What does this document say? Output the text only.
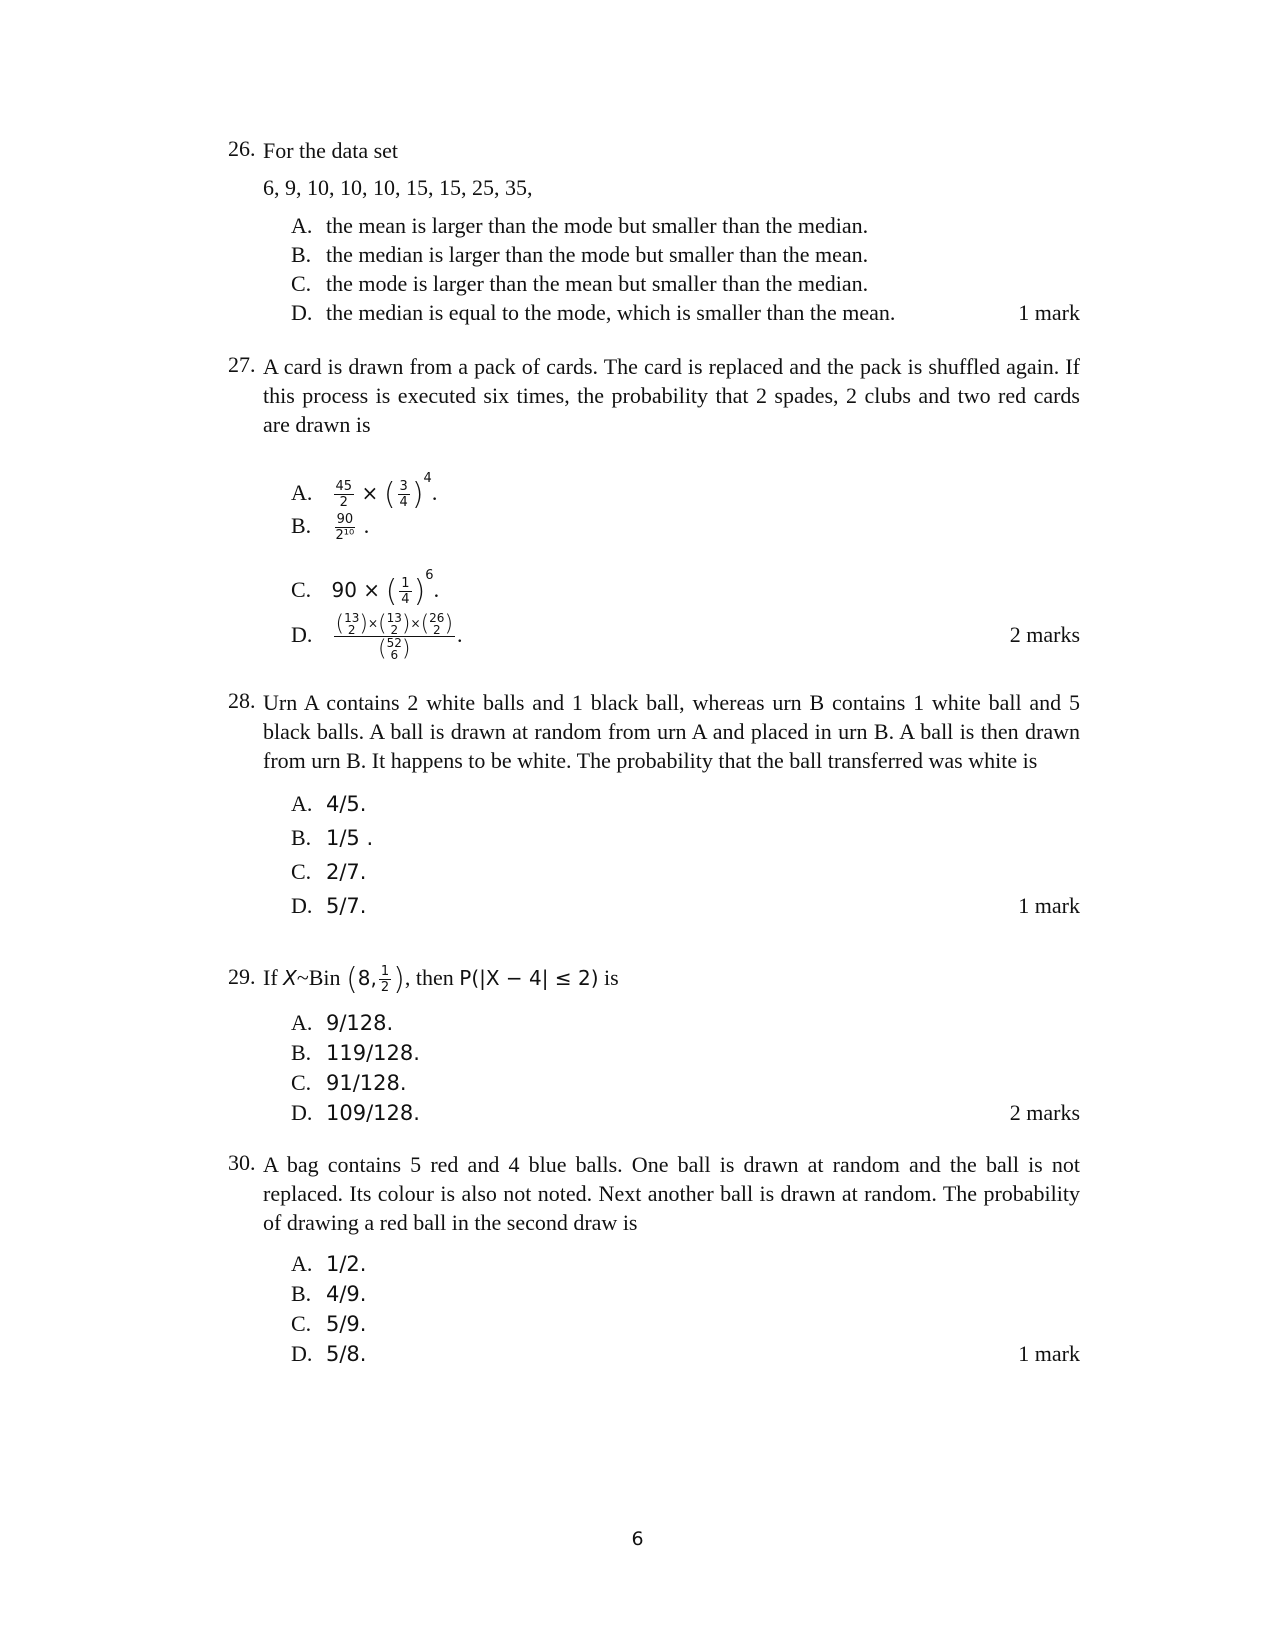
26. For the data set
6, 9, 10, 10, 10, 15, 15, 25, 35,
A. the mean is larger than the mode but smaller than the median.
B. the median is larger than the mode but smaller than the mean.
C. the mode is larger than the mean but smaller than the median.
D. the median is equal to the mode, which is smaller than the mean.	1 mark
27. A card is drawn from a pack of cards. The card is replaced and the pack is shuffled again. If this process is executed six times, the probability that 2 spades, 2 clubs and two red cards are drawn is
A. $\frac{45}{2}$ × ( $\frac{3}{4} )^4$.
B. $\frac{90}{\text{2¹⁰}}$ .
C. 90 × ( $\frac{1}{4} )^6$.
D. ( 13
2 )×( 13
2 )×( 26
2 )
( 52
6 ) .	2 marks
28. Urn A contains 2 white balls and 1 black ball, whereas urn B contains 1 white ball and 5 black balls. A ball is drawn at random from urn A and placed in urn B. A ball is then drawn from urn B. It happens to be white. The probability that the ball transferred was white is
A. 4/5.
B. 1/5 .
C. 2/7.
D. 5/7.	1 mark
29. If X~Bin (8, $\frac{1}{2}$ ), then P(|X − 4| ≤ 2) is
A. 9/128.
B. 119/128.
C. 91/128.
D. 109/128.	2 marks
30. A bag contains 5 red and 4 blue balls. One ball is drawn at random and the ball is not replaced. Its colour is also not noted. Next another ball is drawn at random. The probability of drawing a red ball in the second draw is
A. 1/2.
B. 4/9.
C. 5/9.
D. 5/8.	1 mark
6
